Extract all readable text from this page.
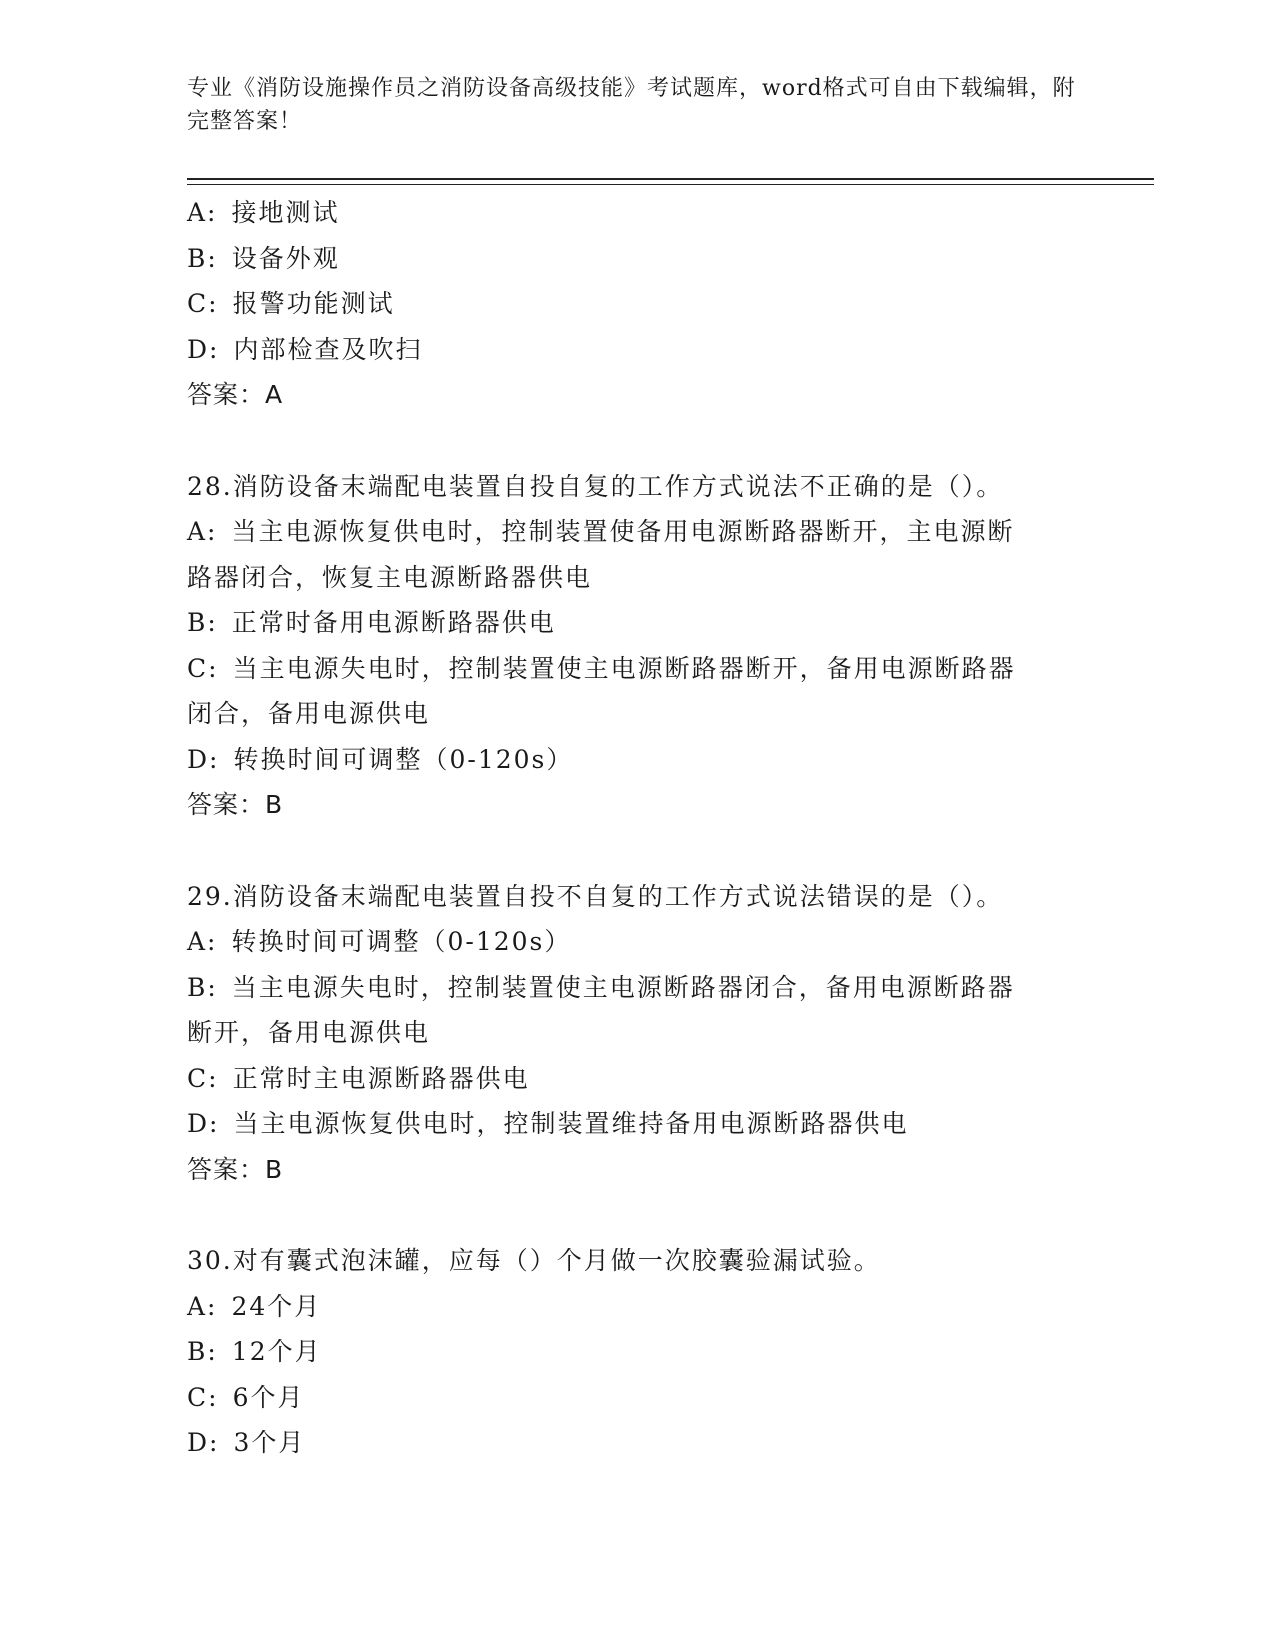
专业《消防设施操作员之消防设备高级技能》考试题库，word格式可自由下载编辑，附完整答案！
A: 接地测试
B: 设备外观
C: 报警功能测试
D: 内部检查及吹扫
答案：A
28.消防设备末端配电装置自投自复的工作方式说法不正确的是（）。
A: 当主电源恢复供电时，控制装置使备用电源断路器断开，主电源断
路器闭合，恢复主电源断路器供电
B: 正常时备用电源断路器供电
C: 当主电源失电时，控制装置使主电源断路器断开，备用电源断路器
闭合，备用电源供电
D: 转换时间可调整（0-120s）
答案：B
29.消防设备末端配电装置自投不自复的工作方式说法错误的是（）。
A: 转换时间可调整（0-120s）
B: 当主电源失电时，控制装置使主电源断路器闭合，备用电源断路器
断开，备用电源供电
C: 正常时主电源断路器供电
D: 当主电源恢复供电时，控制装置维持备用电源断路器供电
答案：B
30.对有囊式泡沫罐，应每（）个月做一次胶囊验漏试验。
A: 24个月
B: 12个月
C: 6个月
D: 3个月
